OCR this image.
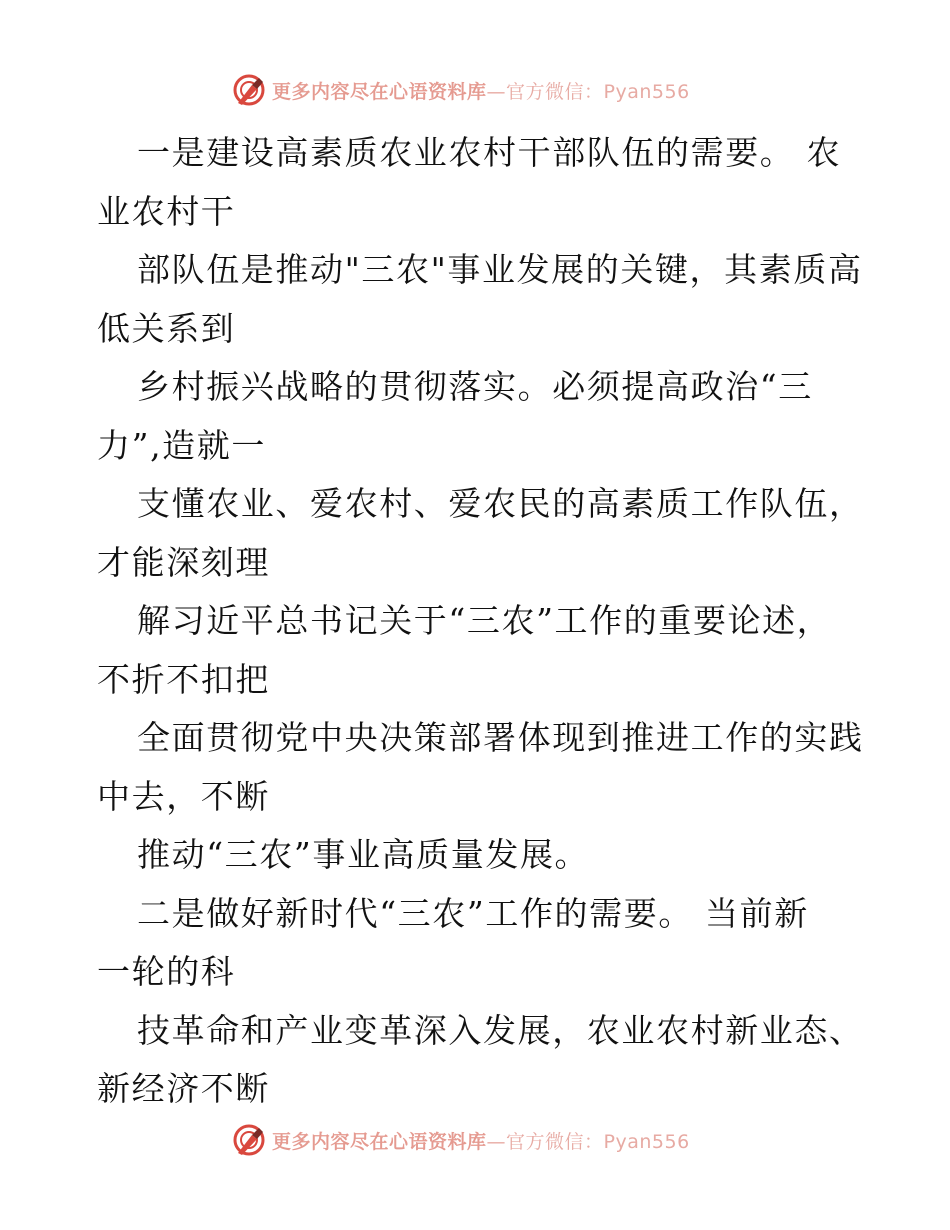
更多内容尽在心语资料库—官方微信：Pyan556
一是建设高素质农业农村干部队伍的需要。 农
业农村干
部队伍是推动"三农"事业发展的关键，其素质高
低关系到
乡村振兴战略的贯彻落实。必须提高政治“三
力”,造就一
支懂农业、爱农村、爱农民的高素质工作队伍，
才能深刻理
解习近平总书记关于“三农”工作的重要论述，
不折不扣把
全面贯彻党中央决策部署体现到推进工作的实践
中去，不断
推动“三农”事业高质量发展。
二是做好新时代“三农”工作的需要。 当前新
一轮的科
技革命和产业变革深入发展，农业农村新业态、
新经济不断
更多内容尽在心语资料库—官方微信：Pyan556
